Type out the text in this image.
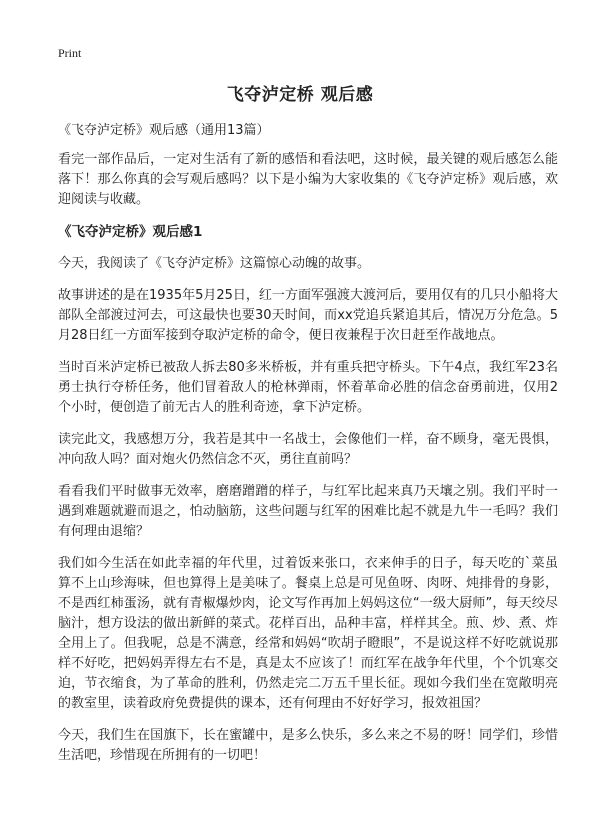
Print
飞夺泸定桥 观后感

《飞夺泸定桥》观后感（通用13篇）

看完一部作品后，一定对生活有了新的感悟和看法吧，这时候，最关键的观后感怎么能落下！那么你真的会写观后感吗？以下是小编为大家收集的《飞夺泸定桥》观后感，欢迎阅读与收藏。

《飞夺泸定桥》观后感1

今天，我阅读了《飞夺泸定桥》这篇惊心动魄的故事。

故事讲述的是在1935年5月25日，红一方面军强渡大渡河后，要用仅有的几只小船将大部队全部渡过河去，可这最快也要30天时间，而xx党追兵紧追其后，情况万分危急。5月28日红一方面军接到夺取泸定桥的命令，便日夜兼程于次日赶至作战地点。

当时百米泸定桥已被敌人拆去80多米桥板，并有重兵把守桥头。下午4点，我红军23名勇士执行夺桥任务，他们冒着敌人的枪林弹雨，怀着革命必胜的信念奋勇前进，仅用2个小时，便创造了前无古人的胜利奇迹，拿下泸定桥。

读完此文，我感想万分，我若是其中一名战士，会像他们一样，奋不顾身，毫无畏惧，冲向敌人吗？面对炮火仍然信念不灭，勇往直前吗？

看看我们平时做事无效率，磨磨蹭蹭的样子，与红军比起来真乃天壤之别。我们平时一遇到难题就避而退之，怕动脑筋，这些问题与红军的困难比起不就是九牛一毛吗？我们有何理由退缩？

我们如今生活在如此幸福的年代里，过着饭来张口，衣来伸手的日子，每天吃的`菜虽算不上山珍海味，但也算得上是美味了。餐桌上总是可见鱼呀、肉呀、炖排骨的身影，不是西红柿蛋汤，就有青椒爆炒肉，论文写作再加上妈妈这位“一级大厨师”，每天绞尽脑汁，想方设法的做出新鲜的菜式。花样百出，品种丰富，样样其全。煎、炒、煮、炸全用上了。但我呢，总是不满意，经常和妈妈“吹胡子瞪眼”，不是说这样不好吃就说那样不好吃，把妈妈弄得左右不是，真是太不应该了！而红军在战争年代里，个个饥寒交迫，节衣缩食，为了革命的胜利，仍然走完二万五千里长征。现如今我们坐在宽敞明亮的教室里，读着政府免费提供的课本，还有何理由不好好学习，报效祖国？

今天，我们生在国旗下，长在蜜罐中，是多么快乐，多么来之不易的呀！同学们，珍惜生活吧，珍惜现在所拥有的一切吧！
